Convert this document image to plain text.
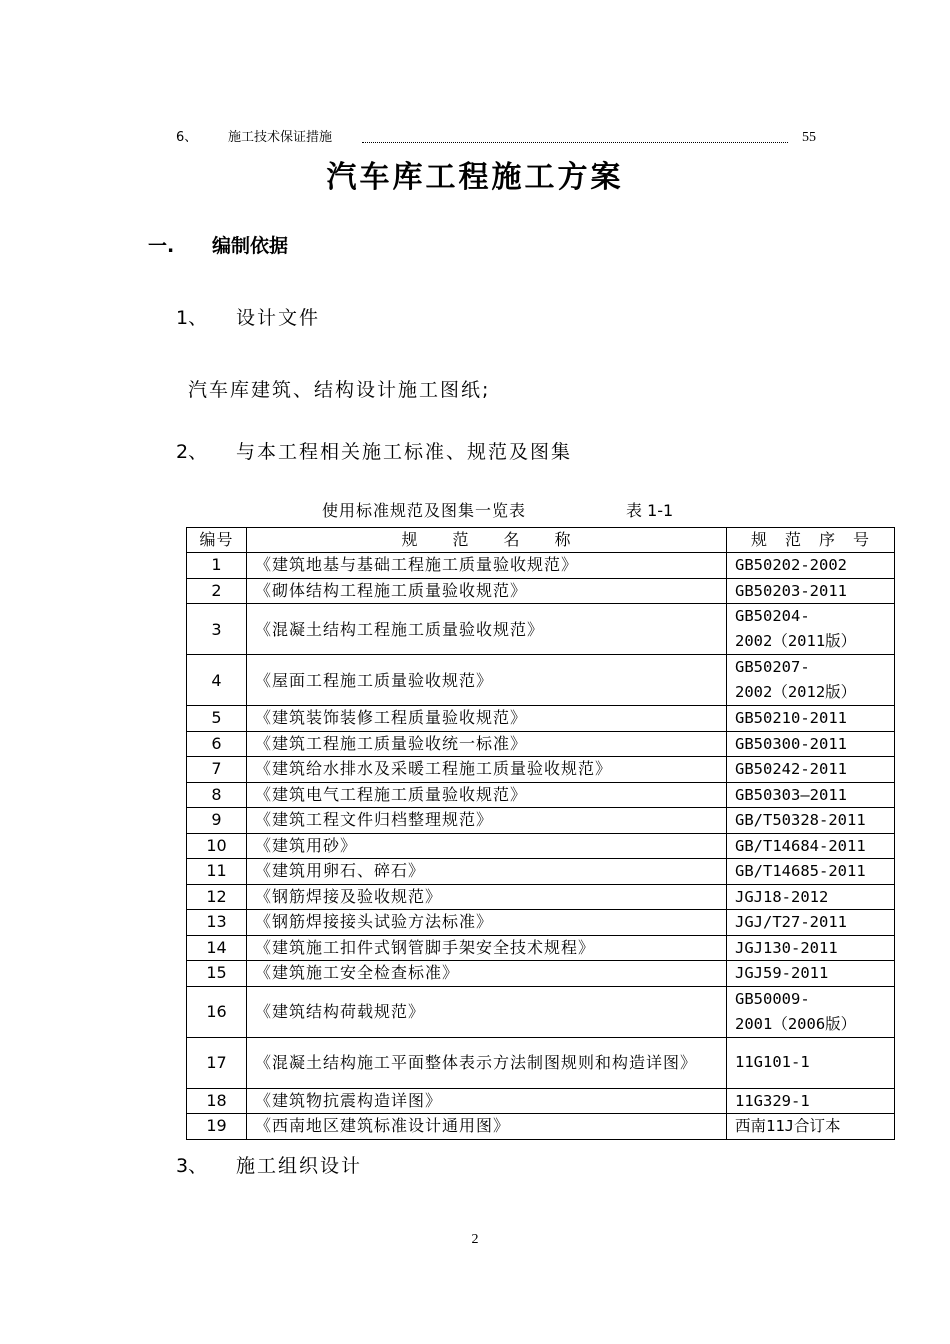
6、 施工技术保证措施	55
汽车库工程施工方案
一. 编制依据
1、 设计文件
汽车库建筑、结构设计施工图纸;
2、 与本工程相关施工标准、规范及图集
使用标准规范及图集一览表	表 1-1
编号	规　　范　　名　　称	规　范　序　号
1	《建筑地基与基础工程施工质量验收规范》	GB50202-2002
2	《砌体结构工程施工质量验收规范》	GB50203-2011
3	《混凝土结构工程施工质量验收规范》	GB50204-
2002（2011版）
4	《屋面工程施工质量验收规范》	GB50207-
2002（2012版）
5	《建筑装饰装修工程质量验收规范》	GB50210-2011
6	《建筑工程施工质量验收统一标准》	GB50300-2011
7	《建筑给水排水及采暖工程施工质量验收规范》	GB50242-2011
8	《建筑电气工程施工质量验收规范》	GB50303—2011
9	《建筑工程文件归档整理规范》	GB/T50328-2011
10	《建筑用砂》	GB/T14684-2011
11	《建筑用卵石、碎石》	GB/T14685-2011
12	《钢筋焊接及验收规范》	JGJ18-2012
13	《钢筋焊接接头试验方法标准》	JGJ/T27-2011
14	《建筑施工扣件式钢管脚手架安全技术规程》	JGJ130-2011
15	《建筑施工安全检查标准》	JGJ59-2011
16	《建筑结构荷载规范》	GB50009-
2001（2006版）
17	《混凝土结构施工平面整体表示方法制图规则和构造详图》	11G101-1
18	《建筑物抗震构造详图》	11G329-1
19	《西南地区建筑标准设计通用图》	西南11J合订本
3、 施工组织设计
2
